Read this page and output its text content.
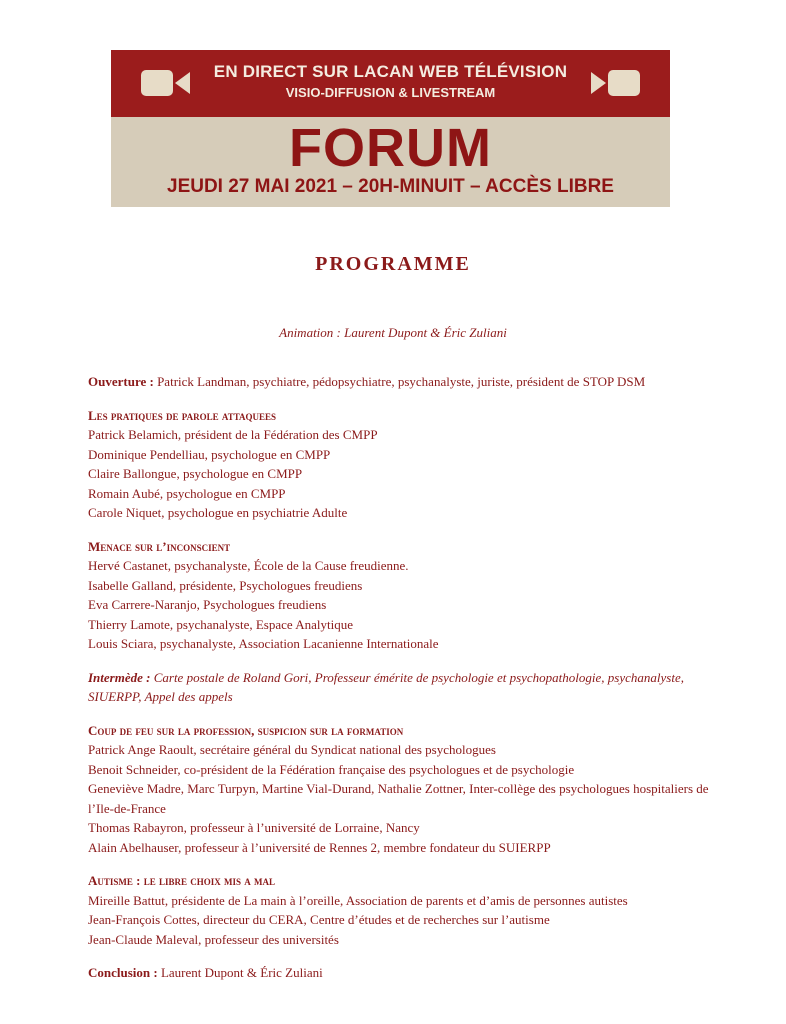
EN DIRECT SUR LACAN WEB TÉLÉVISION
VISIO-DIFFUSION & LIVESTREAM
FORUM
JEUDI 27 MAI 2021 – 20H-MINUIT – ACCÈS LIBRE
PROGRAMME
Animation : Laurent Dupont & Éric Zuliani

Ouverture : Patrick Landman, psychiatre, pédopsychiatre, psychanalyste, juriste, président de STOP DSM

Les pratiques de parole attaquees

Patrick Belamich, président de la Fédération des CMPP

Dominique Pendelliau, psychologue en CMPP

Claire Ballongue, psychologue en CMPP

Romain Aubé, psychologue en CMPP

Carole Niquet, psychologue en psychiatrie Adulte

Menace sur l’inconscient

Hervé Castanet, psychanalyste, École de la Cause freudienne.

Isabelle Galland, présidente, Psychologues freudiens

Eva Carrere-Naranjo, Psychologues freudiens

Thierry Lamote, psychanalyste, Espace Analytique

Louis Sciara, psychanalyste, Association Lacanienne Internationale

Intermède : Carte postale de Roland Gori, Professeur émérite de psychologie et psychopathologie, psychanalyste, SIUERPP, Appel des appels

Coup de feu sur la profession, suspicion sur la formation

Patrick Ange Raoult, secrétaire général du Syndicat national des psychologues

Benoit Schneider, co-président de la Fédération française des psychologues et de psychologie

Geneviève Madre, Marc Turpyn, Martine Vial-Durand, Nathalie Zottner, Inter-collège des psychologues hospitaliers de l’Ile-de-France

Thomas Rabayron, professeur à l’université de Lorraine, Nancy

Alain Abelhauser, professeur à l’université de Rennes 2, membre fondateur du SUIERPP

Autisme : le libre choix mis a mal

Mireille Battut, présidente de La main à l’oreille, Association de parents et d’amis de personnes autistes

Jean-François Cottes, directeur du CERA, Centre d’études et de recherches sur l’autisme

Jean-Claude Maleval, professeur des universités

Conclusion : Laurent Dupont & Éric Zuliani
